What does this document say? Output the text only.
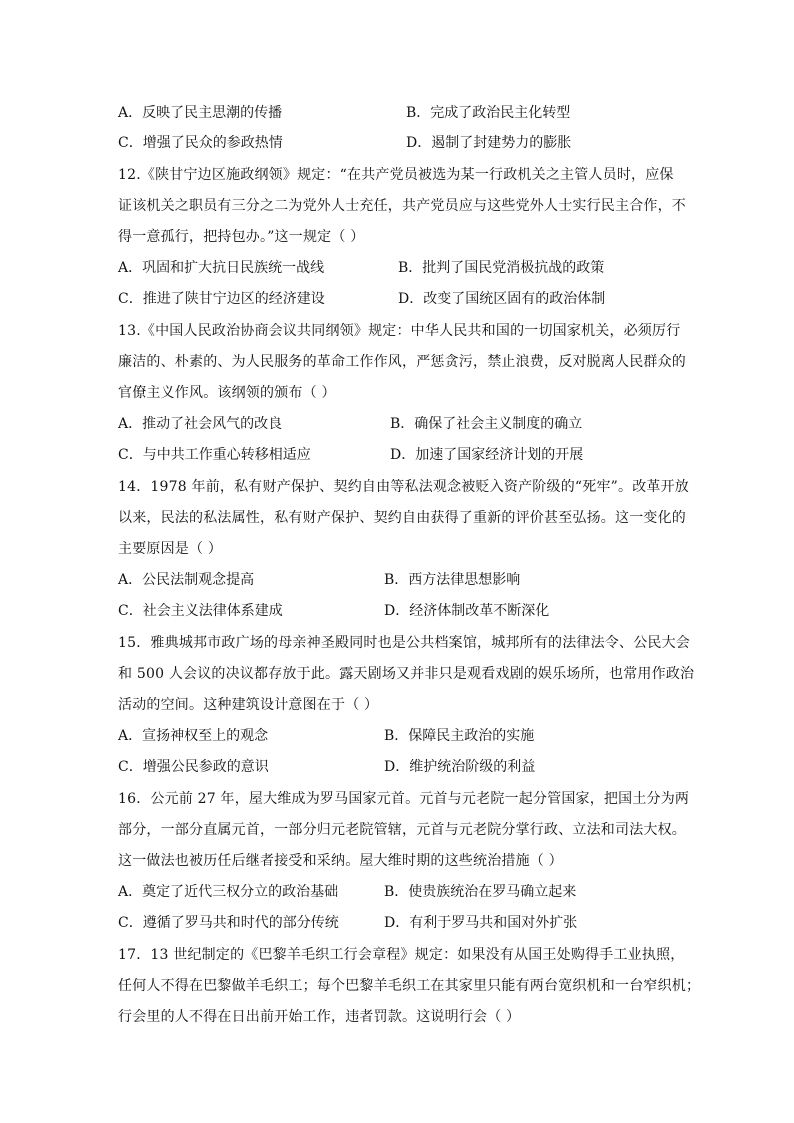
A．反映了民主思潮的传播	B．完成了政治民主化转型
C．增强了民众的参政热情	D．遏制了封建势力的膨胀
12.《陕甘宁边区施政纲领》规定：“在共产党员被选为某一行政机关之主管人员时，应保
证该机关之职员有三分之二为党外人士充任，共产党员应与这些党外人士实行民主合作，不
得一意孤行，把持包办。”这一规定（ ）
A．巩固和扩大抗日民族统一战线	B．批判了国民党消极抗战的政策
C．推进了陕甘宁边区的经济建设	D．改变了国统区固有的政治体制
13.《中国人民政治协商会议共同纲领》规定：中华人民共和国的一切国家机关，必须厉行
廉洁的、朴素的、为人民服务的革命工作作风，严惩贪污，禁止浪费，反对脱离人民群众的
官僚主义作风。该纲领的颁布（ ）
A．推动了社会风气的改良	B．确保了社会主义制度的确立
C．与中共工作重心转移相适应	D．加速了国家经济计划的开展
14．1978 年前，私有财产保护、契约自由等私法观念被贬入资产阶级的“死牢”。改革开放
以来，民法的私法属性，私有财产保护、契约自由获得了重新的评价甚至弘扬。这一变化的
主要原因是（ ）
A．公民法制观念提高	B．西方法律思想影响
C．社会主义法律体系建成	D．经济体制改革不断深化
15．雅典城邦市政广场的母亲神圣殿同时也是公共档案馆，城邦所有的法律法令、公民大会
和 500 人会议的决议都存放于此。露天剧场又并非只是观看戏剧的娱乐场所，也常用作政治
活动的空间。这种建筑设计意图在于（ ）
A．宣扬神权至上的观念	B．保障民主政治的实施
C．增强公民参政的意识	D．维护统治阶级的利益
16．公元前 27 年，屋大维成为罗马国家元首。元首与元老院一起分管国家，把国土分为两
部分，一部分直属元首，一部分归元老院管辖，元首与元老院分掌行政、立法和司法大权。
这一做法也被历任后继者接受和采纳。屋大维时期的这些统治措施（ ）
A．奠定了近代三权分立的政治基础	B．使贵族统治在罗马确立起来
C．遵循了罗马共和时代的部分传统	D．有利于罗马共和国对外扩张
17．13 世纪制定的《巴黎羊毛织工行会章程》规定：如果没有从国王处购得手工业执照，
任何人不得在巴黎做羊毛织工；每个巴黎羊毛织工在其家里只能有两台宽织机和一台窄织机；
行会里的人不得在日出前开始工作，违者罚款。这说明行会（ ）
